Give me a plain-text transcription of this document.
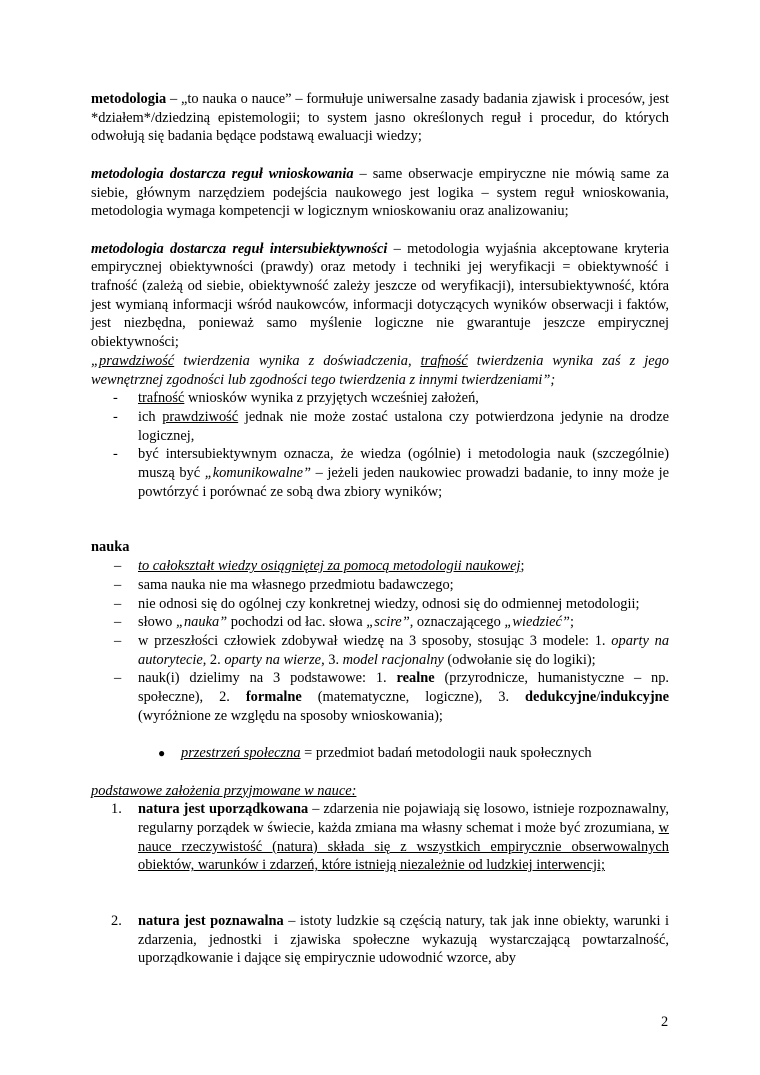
metodologia – „to nauka o nauce” – formułuje uniwersalne zasady badania zjawisk i procesów, jest *działem*/dziedziną epistemologii; to system jasno określonych reguł i procedur, do których odwołują się badania będące podstawą ewaluacji wiedzy;

metodologia dostarcza reguł wnioskowania – same obserwacje empiryczne nie mówią same za siebie, głównym narzędziem podejścia naukowego jest logika – system reguł wnioskowania, metodologia wymaga kompetencji w logicznym wnioskowaniu oraz analizowaniu;

metodologia dostarcza reguł intersubiektywności – metodologia wyjaśnia akceptowane kryteria empirycznej obiektywności (prawdy) oraz metody i techniki jej weryfikacji = obiektywność i trafność (zależą od siebie, obiektywność zależy jeszcze od weryfikacji), intersubiektywność, która jest wymianą informacji wśród naukowców, informacji dotyczących wyników obserwacji i faktów, jest niezbędna, ponieważ samo myślenie logiczne nie gwarantuje jeszcze empirycznej obiektywności;

„prawdziwość twierdzenia wynika z doświadczenia, trafność twierdzenia wynika zaś z jego wewnętrznej zgodności lub zgodności tego twierdzenia z innymi twierdzeniami”;

- trafność wniosków wynika z przyjętych wcześniej założeń,
- ich prawdziwość jednak nie może zostać ustalona czy potwierdzona jedynie na drodze logicznej,
- być intersubiektywnym oznacza, że wiedza (ogólnie) i metodologia nauk (szczególnie) muszą być „komunikowalne” – jeżeli jeden naukowiec prowadzi badanie, to inny może je powtórzyć i porównać ze sobą dwa zbiory wyników;

nauka

– to całokształt wiedzy osiągniętej za pomocą metodologii naukowej;
– sama nauka nie ma własnego przedmiotu badawczego;
– nie odnosi się do ogólnej czy konkretnej wiedzy, odnosi się do odmiennej metodologii;
– słowo „nauka” pochodzi od łac. słowa „scire”, oznaczającego „wiedzieć”;
– w przeszłości człowiek zdobywał wiedzę na 3 sposoby, stosując 3 modele: 1. oparty na autorytecie, 2. oparty na wierze, 3. model racjonalny (odwołanie się do logiki);
– nauk(i) dzielimy na 3 podstawowe: 1. realne (przyrodnicze, humanistyczne – np. społeczne), 2. formalne (matematyczne, logiczne), 3. dedukcyjne/indukcyjne (wyróżnione ze względu na sposoby wnioskowania);
● przestrzeń społeczna = przedmiot badań metodologii nauk społecznych

podstawowe założenia przyjmowane w nauce:

1. natura jest uporządkowana – zdarzenia nie pojawiają się losowo, istnieje rozpoznawalny, regularny porządek w świecie, każda zmiana ma własny schemat i może być zrozumiana, w nauce rzeczywistość (natura) składa się z wszystkich empirycznie obserwowalnych obiektów, warunków i zdarzeń, które istnieją niezależnie od ludzkiej interwencji;
2. natura jest poznawalna – istoty ludzkie są częścią natury, tak jak inne obiekty, warunki i zdarzenia, jednostki i zjawiska społeczne wykazują wystarczającą powtarzalność, uporządkowanie i dające się empirycznie udowodnić wzorce, aby
2
